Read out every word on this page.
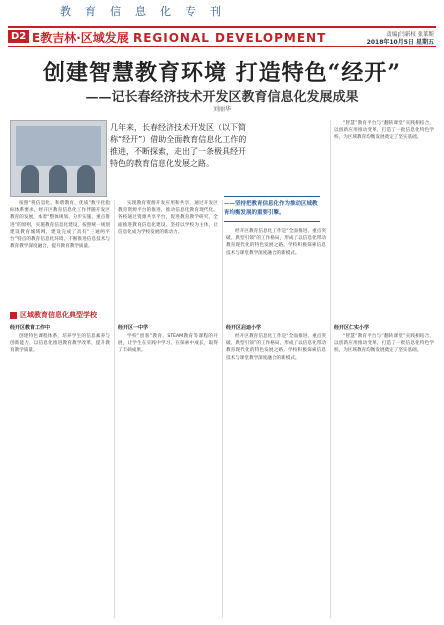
教育信息化专刊
D2 E教吉林·区域发展 REGIONAL DEVELOPMENT	责编|闫新权 张莱斯
2018年10月5日 星期五
创建智慧教育环境 打造特色“经开”
——记长春经济技术开发区教育信息化发展成果
刘丽华
几年来，长春经济技术开发区（以下简称“经开”）借助全面教育信息化工作的推进，不断探索，走出了一条极具经开特色的教育信息化发展之路。

按照“将信息化、和谐教育、优质”数字化指标体系要求，经开区教育信息化工作伴随开发区教育的发展，本着“整体规划、分步实施、重点推进”的原则，实施教育信息化建设，按照统一规划建设教育城域网，建设完成了具有“三通两平台”特点的教育信息化环境，不断推进信息技术与教育教学深度融合，提升教育教学质量。

实现教育资源开发应用和共享，通过开发区教育资源平台的推进，推动信息化教育现代化。各校通过资源共享平台，促进教育教学研究，全面推进教育信息化建设，坚持以学校为主体，让信息化成为学校发展的新动力。	经开区教育信息化工作是“全面推进、重点突破、典型引领”的工作格局，形成了以信息化带动教育现代化的特色发展之路。学校积极探索信息技术与课堂教学深度融合的新模式。

“智慧”教育平台与“翻转课堂”实践相结合，以创新应用推动变革，打造了一批信息化特色学校，为区域教育均衡发展奠定了坚实基础。

——坚持把教育信息化作为推动区域教育均衡发展的重要引擎。
区域教育信息化典型学校
经开区教育工作中

创建特色课程体系，培养学生的信息素养与创新能力，以信息化推进教育教学改革，提升教育教学质量。

经开区一中学

学校“创客”教育、STEAM教育等课程的开展，让学生在实践中学习、在探索中成长，取得了丰硕成果。

经开区启迪小学

经开区教育信息化工作是“全面推进、重点突破、典型引领”的工作格局，形成了以信息化带动教育现代化的特色发展之路。学校积极探索信息技术与课堂教学深度融合的新模式。

经开区仁实小学

“智慧”教育平台与“翻转课堂”实践相结合，以创新应用推动变革，打造了一批信息化特色学校，为区域教育均衡发展奠定了坚实基础。
